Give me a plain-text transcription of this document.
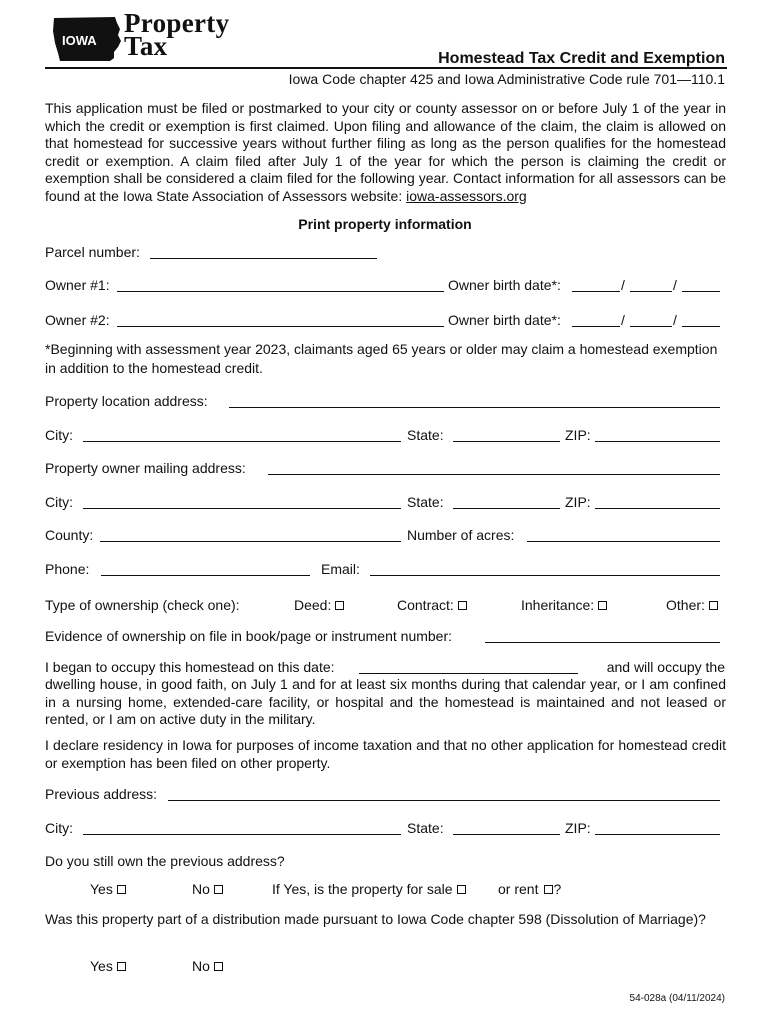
IOWA
Property
Tax	Homestead Tax Credit and Exemption
Iowa Code chapter 425 and Iowa Administrative Code rule 701—110.1
This application must be filed or postmarked to your city or county assessor on or before July 1 of the year in which the credit or exemption is first claimed. Upon filing and allowance of the claim, the claim is allowed on that homestead for successive years without further filing as long as the person qualifies for the homestead credit or exemption. A claim filed after July 1 of the year for which the person is claiming the credit or exemption shall be considered a claim filed for the following year. Contact information for all assessors can be found at the Iowa State Association of Assessors website: iowa-assessors.org
Print property information
Parcel number:
Owner #1:	Owner birth date*:	/	/
Owner #2:	Owner birth date*:	/	/
*Beginning with assessment year 2023, claimants aged 65 years or older may claim a homestead exemption in addition to the homestead credit.
Property location address:
City:	State:	ZIP:
Property owner mailing address:
City:	State:	ZIP:
County:	Number of acres:
Phone:	Email:
Type of ownership (check one):	Deed:	Contract:	Inheritance:	Other:
Evidence of ownership on file in book/page or instrument number:
I began to occupy this homestead on this date:	and will occupy the
dwelling house, in good faith, on July 1 and for at least six months during that calendar year, or I am confined in a nursing home, extended-care facility, or hospital and the homestead is maintained and not leased or rented, or I am on active duty in the military.
I declare residency in Iowa for purposes of income taxation and that no other application for homestead credit or exemption has been filed on other property.
Previous address:
City:	State:	ZIP:
Do you still own the previous address?
Yes	No	If Yes, is the property for sale	or rent ?
Was this property part of a distribution made pursuant to Iowa Code chapter 598 (Dissolution of Marriage)?
Yes	No
54-028a (04/11/2024)
